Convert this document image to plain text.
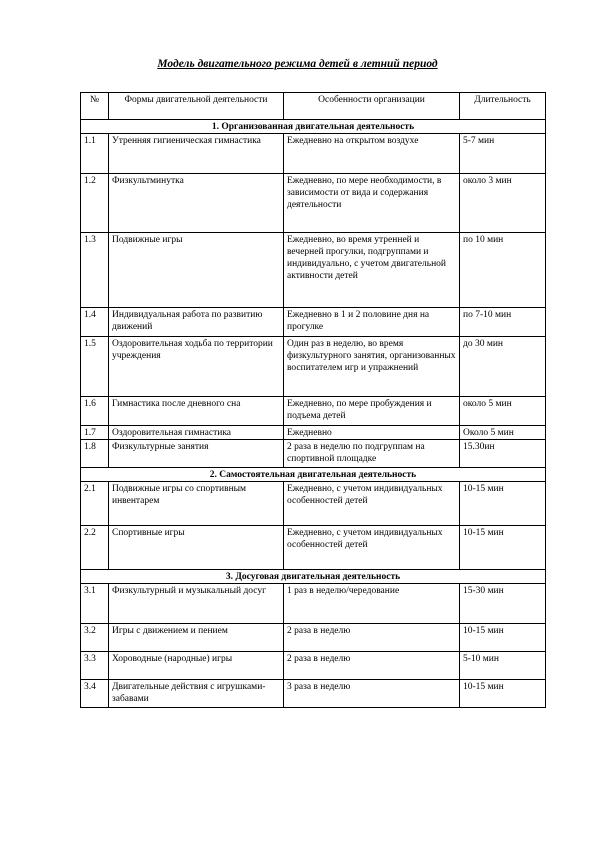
Модель двигательного режима детей в летний период
№	Формы двигательной деятельности	Особенности организации	Длительность
1. Организованная двигательная деятельность			
1.1	Утренняя гигиеническая гимнастика	Ежедневно на открытом воздухе	5-7 мин
1.2	Физкультминутка	Ежедневно, по мере необходимости, в зависимости от вида и содержания деятельности	около 3 мин
1.3	Подвижные игры	Ежедневно, во время утренней и вечерней прогулки, подгруппами и индивидуально, с учетом двигательной активности детей	по 10 мин
1.4	Индивидуальная работа по развитию движений	Ежедневно в 1 и 2 половине дня на прогулке	по 7-10 мин
1.5	Оздоровительная ходьба по территории учреждения	Один раз в неделю, во время физкультурного занятия, организованных воспитателем игр и упражнений	до 30 мин
1.6	Гимнастика после дневного сна	Ежедневно, по мере пробуждения и подъема детей	около 5 мин
1.7	Оздоровительная гимнастика	Ежедневно	Около 5 мин
1.8	Физкультурные занятия	2 раза в неделю по подгруппам на спортивной площадке	15.30ин
2. Самостоятельная двигательная деятельность			
2.1	Подвижные игры со спортивным инвентарем	Ежедневно, с учетом индивидуальных особенностей детей	10-15 мин
2.2	Спортивные игры	Ежедневно, с учетом индивидуальных особенностей детей	10-15 мин
3. Досуговая двигательная деятельность			
3.1	Физкультурный и музыкальный досуг	1 раз в неделю/чередование	15-30 мин
3.2	Игры с движением и пением	2 раза в неделю	10-15 мин
3.3	Хороводные (народные) игры	2 раза в неделю	5-10 мин
3.4	Двигательные действия с игрушками-забавами	3 раза в неделю	10-15 мин
